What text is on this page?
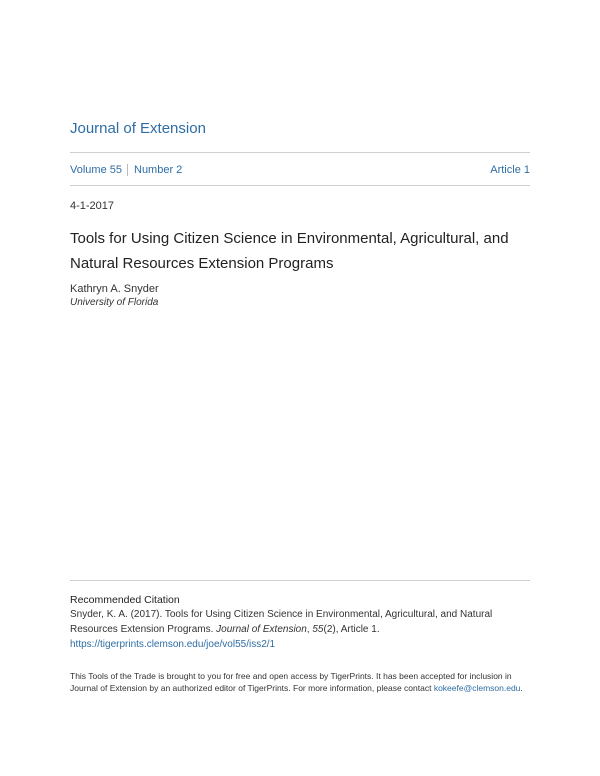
Journal of Extension
Volume 55 Number 2	Article 1
4-1-2017
Tools for Using Citizen Science in Environmental, Agricultural, and Natural Resources Extension Programs
Kathryn A. Snyder
University of Florida
Recommended Citation
Snyder, K. A. (2017). Tools for Using Citizen Science in Environmental, Agricultural, and Natural Resources Extension Programs. Journal of Extension, 55(2), Article 1. https://tigerprints.clemson.edu/joe/vol55/iss2/1
This Tools of the Trade is brought to you for free and open access by TigerPrints. It has been accepted for inclusion in Journal of Extension by an authorized editor of TigerPrints. For more information, please contact kokeefe@clemson.edu.
